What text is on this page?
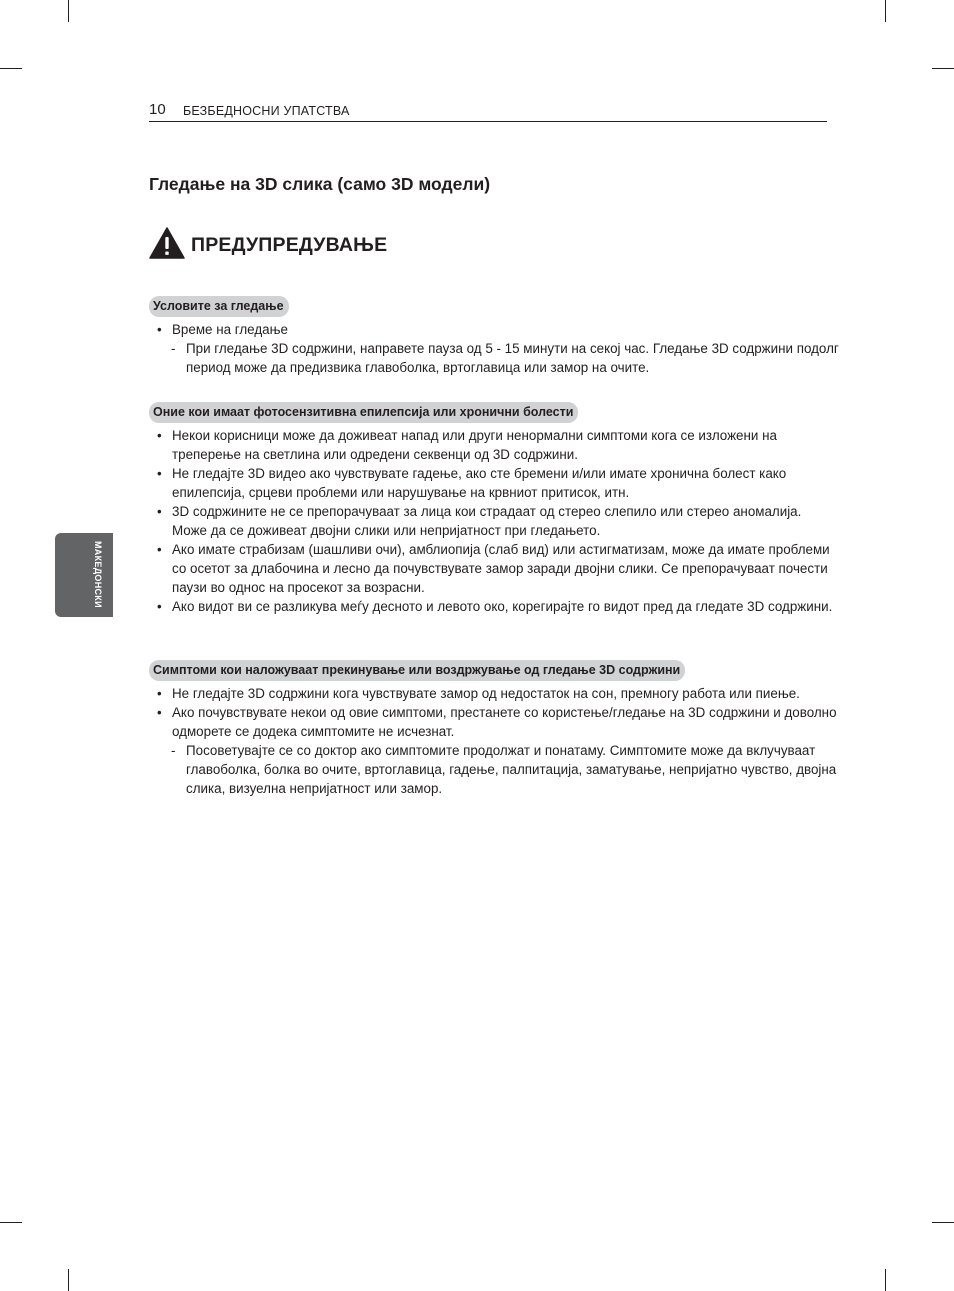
10 БЕЗБЕДНОСНИ УПАТСТВА
Гледање на 3D слика (само 3D модели)
ПРЕДУПРЕДУВАЊЕ
МАКЕДОНСКИ
Условите за гледање
• Време на гледање
- При гледање 3D содржини, направете пауза од 5 - 15 минути на секој час. Гледање 3D содржини подолг период може да предизвика главоболка, вртоглавица или замор на очите.
Оние кои имаат фотосензитивна епилепсија или хронични болести
• Некои корисници може да доживеат напад или други ненормални симптоми кога се изложени на треперење на светлина или одредени секвенци од 3D содржини.
• Не гледајте 3D видео ако чувствувате гадење, ако сте бремени и/или имате хронична болест како епилепсија, срцеви проблеми или нарушување на крвниот притисок, итн.
• 3D содржините не се препорачуваат за лица кои страдаат од стерео слепило или стерео аномалија. Може да се доживеат двојни слики или непријатност при гледањето.
• Ако имате страбизам (шашливи очи), амблиопија (слаб вид) или астигматизам, може да имате проблеми со осетот за длабочина и лесно да почувствувате замор заради двојни слики. Се препорачуваат почести паузи во однос на просекот за возрасни.
• Ако видот ви се разликува меѓу десното и левото око, корегирајте го видот пред да гледате 3D содржини.
Симптоми кои наложуваат прекинување или воздржување од гледање 3D содржини
• Не гледајте 3D содржини кога чувствувате замор од недостаток на сон, премногу работа или пиење.
• Ако почувствувате некои од овие симптоми, престанете со користење/гледање на 3D содржини и доволно одморете се додека симптомите не исчезнат.
- Посоветувајте се со доктор ако симптомите продолжат и понатаму. Симптомите може да вклучуваат главоболка, болка во очите, вртоглавица, гадење, палпитација, заматување, непријатно чувство, двојна слика, визуелна непријатност или замор.
